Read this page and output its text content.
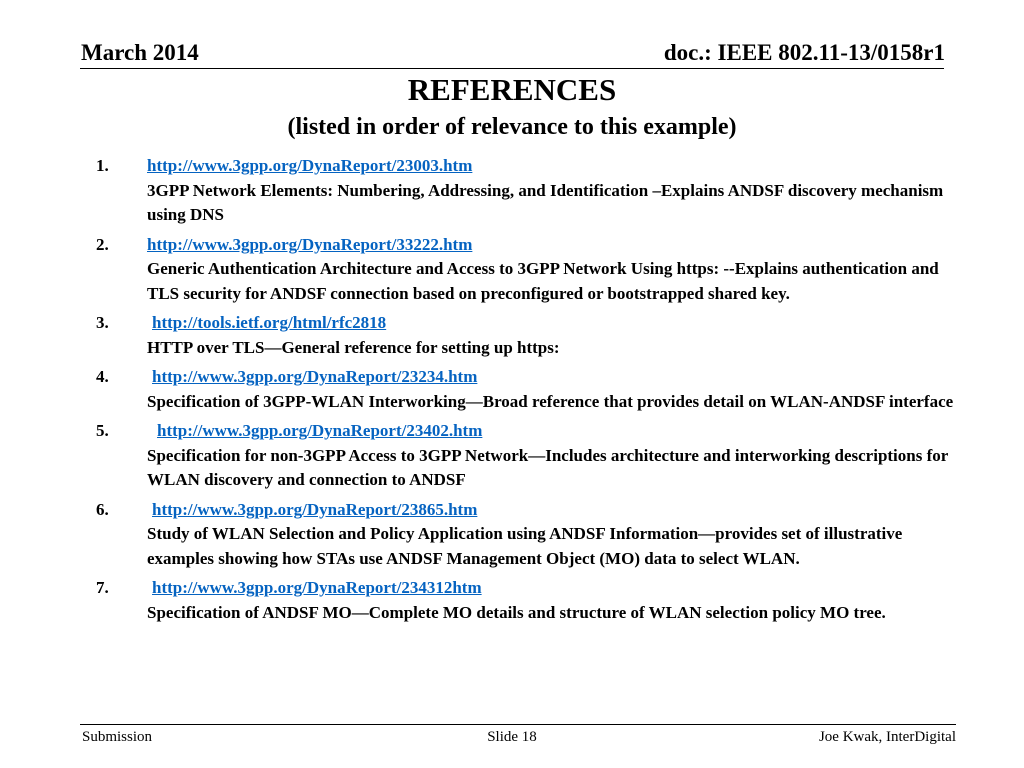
March 2014	doc.: IEEE 802.11-13/0158r1
REFERENCES
(listed in order of relevance to this example)
1. http://www.3gpp.org/DynaReport/23003.htm
3GPP Network Elements: Numbering, Addressing, and Identification –Explains ANDSF discovery mechanism using DNS
2. http://www.3gpp.org/DynaReport/33222.htm
Generic Authentication Architecture and Access to 3GPP Network Using https: --Explains authentication and TLS security for ANDSF connection based on preconfigured or bootstrapped shared key.
3.	http://tools.ietf.org/html/rfc2818
HTTP over TLS—General reference for setting up https:
4.	http://www.3gpp.org/DynaReport/23234.htm
Specification of 3GPP-WLAN Interworking—Broad reference that provides detail on WLAN-ANDSF interface
5.	http://www.3gpp.org/DynaReport/23402.htm
Specification for non-3GPP Access to 3GPP Network—Includes architecture and interworking descriptions for WLAN discovery and connection to ANDSF
6.	http://www.3gpp.org/DynaReport/23865.htm
Study of WLAN Selection and Policy Application using ANDSF Information—provides set of illustrative examples showing how STAs use ANDSF Management Object (MO) data to select WLAN.
7.	http://www.3gpp.org/DynaReport/234312htm
Specification of ANDSF MO—Complete MO details and structure of WLAN selection policy MO tree.
Submission	Slide 18	Joe Kwak, InterDigital
